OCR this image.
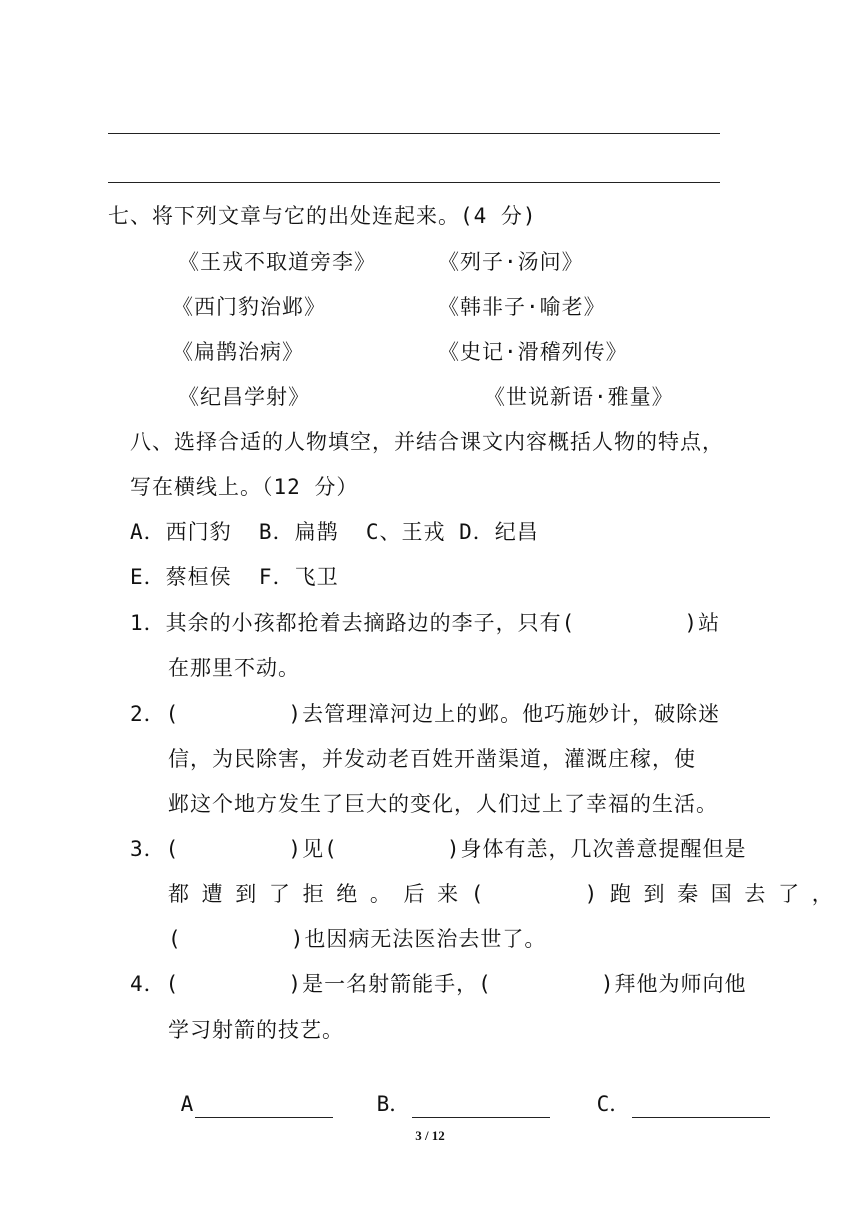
七、将下列文章与它的出处连起来。(4 分)
《王戎不取道旁李》	《列子·汤问》
《西门豹治邺》	《韩非子·喻老》
《扁鹊治病》	《史记·滑稽列传》
《纪昌学射》	《世说新语·雅量》
八、选择合适的人物填空，并结合课文内容概括人物的特点，
写在横线上。（12 分）
A．西门豹  B．扁鹊  C、王戎 D．纪昌
E．蔡桓侯  F．飞卫
1．其余的小孩都抢着去摘路边的李子，只有(        )站
在那里不动。
2．(        )去管理漳河边上的邺。他巧施妙计，破除迷
信，为民除害，并发动老百姓开凿渠道，灌溉庄稼，使
邺这个地方发生了巨大的变化，人们过上了幸福的生活。
3．(        )见(        )身体有恙，几次善意提醒但是
都 遭 到 了 拒 绝 。 后 来 (        ) 跑 到 秦 国 去 了 ，
(        )也因病无法医治去世了。
4．(        )是一名射箭能手，(        )拜他为师向他
学习射箭的技艺。

A
	B．
	C．

3 / 12
